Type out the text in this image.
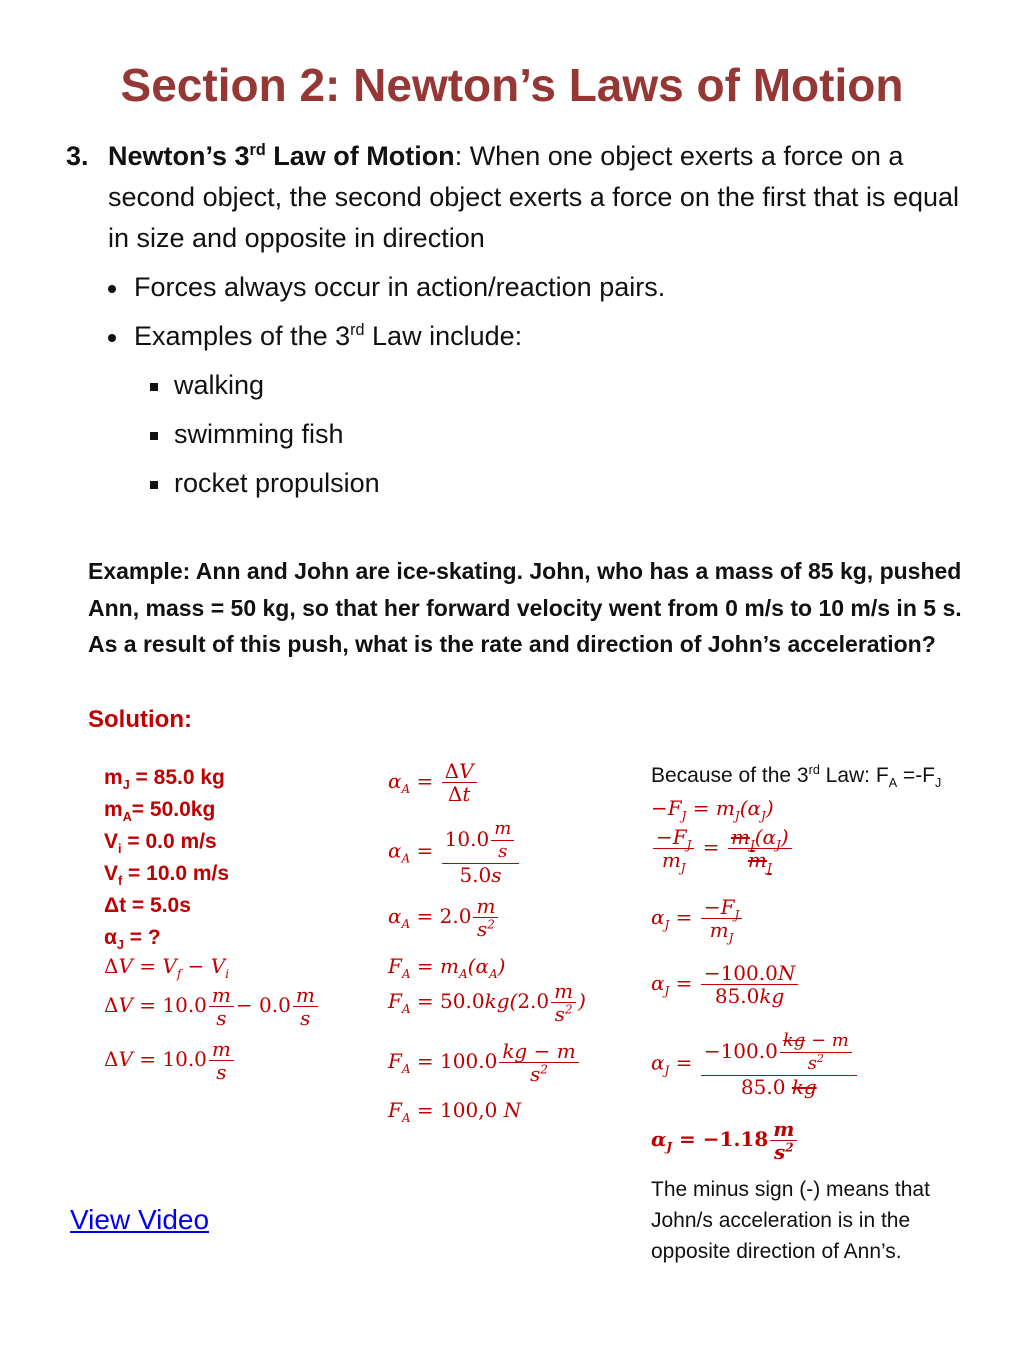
Section 2: Newton’s Laws of Motion
3. Newton’s 3rd Law of Motion: When one object exerts a force on a second object, the second object exerts a force on the first that is equal in size and opposite in direction
Forces always occur in action/reaction pairs.
Examples of the 3rd Law include:
walking
swimming fish
rocket propulsion
Example: Ann and John are ice-skating. John, who has a mass of 85 kg, pushed Ann, mass = 50 kg, so that her forward velocity went from 0 m/s to 10 m/s in 5 s. As a result of this push, what is the rate and direction of John’s acceleration?
Solution:
$m_J = 85.0$ kg
$m_A= 50.0kg$
$V_i = 0.0$ m/s
$V_f = 10.0$ m/s
Δt = 5.0s
$\alpha_J$ = ?
$\Delta V = V_f - V_i$
$\Delta V = 10.0 \frac{m}{s} - 0.0 \frac{m}{s}$
$\Delta V = 10.0 \frac{m}{s}$
$\alpha_A = \frac{\Delta V}{\Delta t}$
$\alpha_A = \frac{10.0 \frac{m}{s}}{5.0s}$
$\alpha_A = 2.0 \frac{m}{s^2}$
$F_A = m_A(\alpha_A)$
$F_A = 50.0kg(2.0 \frac{m}{s^2}$ )
$F_A = 100.0 \frac{kg - m}{s^2}$
$F_A = 100,0$ N
Because of the 3rd Law: $F_A =-F_J$
$-F_J = m_J(\alpha_J)$
$\frac{-F_J}{m_J} = \frac{m_J(\alpha_J)}{m_J}$
$\alpha_J = \frac{-F_J}{m_J}$
$\alpha_J = \frac{-100.0N}{85.0kg}$
$\alpha_J = \frac{-100.0 \frac{kg - m}{s^2}}{85.0 kg}$
$\alpha_J = -1.18 \frac{m}{s^2}$
The minus sign (-) means that John/s acceleration is in the opposite direction of Ann’s.
View Video
